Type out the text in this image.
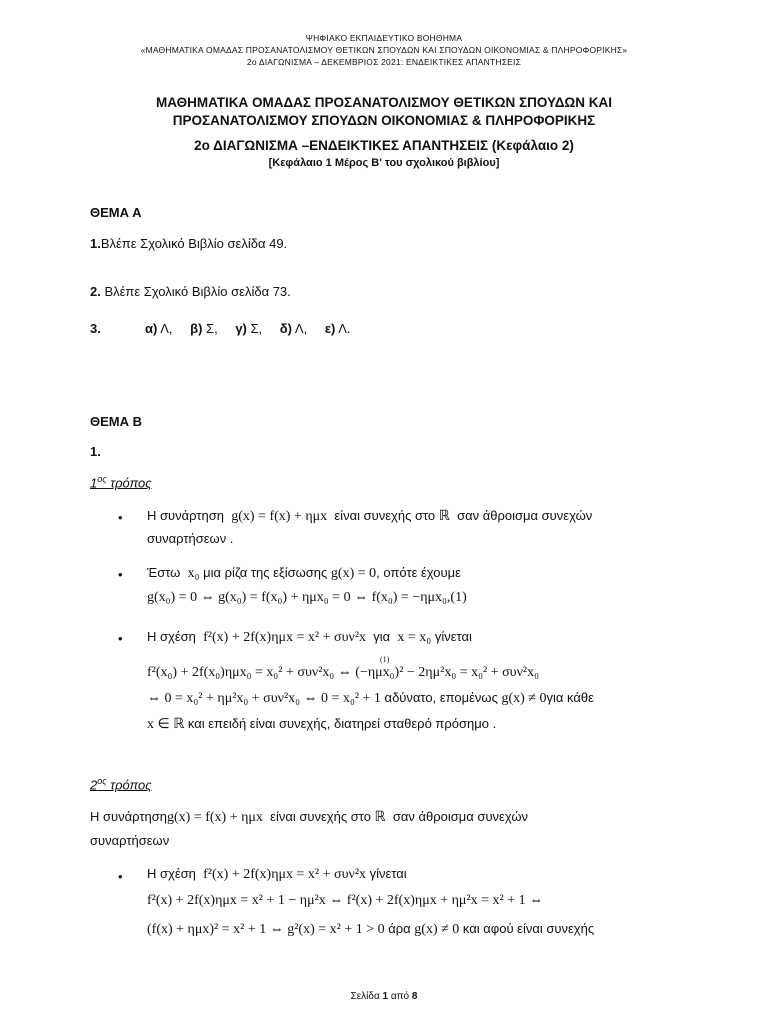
ΨΗΦΙΑΚΟ ΕΚΠΑΙΔΕΥΤΙΚΟ ΒΟΗΘΗΜΑ
«ΜΑΘΗΜΑΤΙΚΑ ΟΜΑΔΑΣ ΠΡΟΣΑΝΑΤΟΛΙΣΜΟΥ ΘΕΤΙΚΩΝ ΣΠΟΥΔΩΝ ΚΑΙ ΣΠΟΥΔΩΝ ΟΙΚΟΝΟΜΙΑΣ & ΠΛΗΡΟΦΟΡΙΚΗΣ»
2ο ΔΙΑΓΩΝΙΣΜΑ – ΔΕΚΕΜΒΡΙΟΣ 2021: ΕΝΔΕΙΚΤΙΚΕΣ ΑΠΑΝΤΗΣΕΙΣ
ΜΑΘΗΜΑΤΙΚΑ ΟΜΑΔΑΣ ΠΡΟΣΑΝΑΤΟΛΙΣΜΟΥ ΘΕΤΙΚΩΝ ΣΠΟΥΔΩΝ ΚΑΙ
ΠΡΟΣΑΝΑΤΟΛΙΣΜΟΥ ΣΠΟΥΔΩΝ ΟΙΚΟΝΟΜΙΑΣ & ΠΛΗΡΟΦΟΡΙΚΗΣ
2ο ΔΙΑΓΩΝΙΣΜΑ –ΕΝΔΕΙΚΤΙΚΕΣ ΑΠΑΝΤΗΣΕΙΣ (Κεφάλαιο 2)
[Κεφάλαιο 1 Μέρος Β' του σχολικού βιβλίου]
ΘΕΜΑ Α
1.Βλέπε Σχολικό Βιβλίο σελίδα 49.
2. Βλέπε Σχολικό Βιβλίο σελίδα 73.
3.	α) Λ, β) Σ, γ) Σ, δ) Λ, ε) Λ.
ΘΕΜΑ Β
1.
$1^{o\varsigma}$ τρόπος
• Η συνάρτηση g(x) = f(x) + ημx είναι συνεχής στο ℝ σαν άθροισμα συνεχών
συναρτήσεων .
• Έστω x₀ μια ρίζα της εξίσωσης g(x) = 0, οπότε έχουμε
g(x₀) = 0 ⇔ g(x₀) = f(x₀) + ημx₀ = 0 ⇔ f(x₀) = −ημx₀,(1)
• Η σχέση f²(x) + 2f(x)ημx = x² + συν²x για x = x₀ γίνεται
(1)
f²(x₀) + 2f(x₀)ημx₀ = x₀² + συν²x₀ ⇔ (−ημx₀)² − 2ημ²x₀ = x₀² + συν²x₀
⇔ 0 = x₀² + ημ²x₀ + συν²x₀ ⇔ 0 = x₀² + 1 αδύνατο, επομένως g(x) ≠ 0για κάθε
x ∈ ℝ και επειδή είναι συνεχής, διατηρεί σταθερό πρόσημο .
$2^{o\varsigma}$ τρόπος
Η συνάρτησηg(x) = f(x) + ημx είναι συνεχής στο ℝ σαν άθροισμα συνεχών
συναρτήσεων
• Η σχέση f²(x) + 2f(x)ημx = x² + συν²x γίνεται
f²(x) + 2f(x)ημx = x² + 1 − ημ²x ⇔ f²(x) + 2f(x)ημx + ημ²x = x² + 1 ⇔
(f(x) + ημx)² = x² + 1 ⇔ g²(x) = x² + 1 > 0 άρα g(x) ≠ 0 και αφού είναι συνεχής
Σελίδα 1 από 8
